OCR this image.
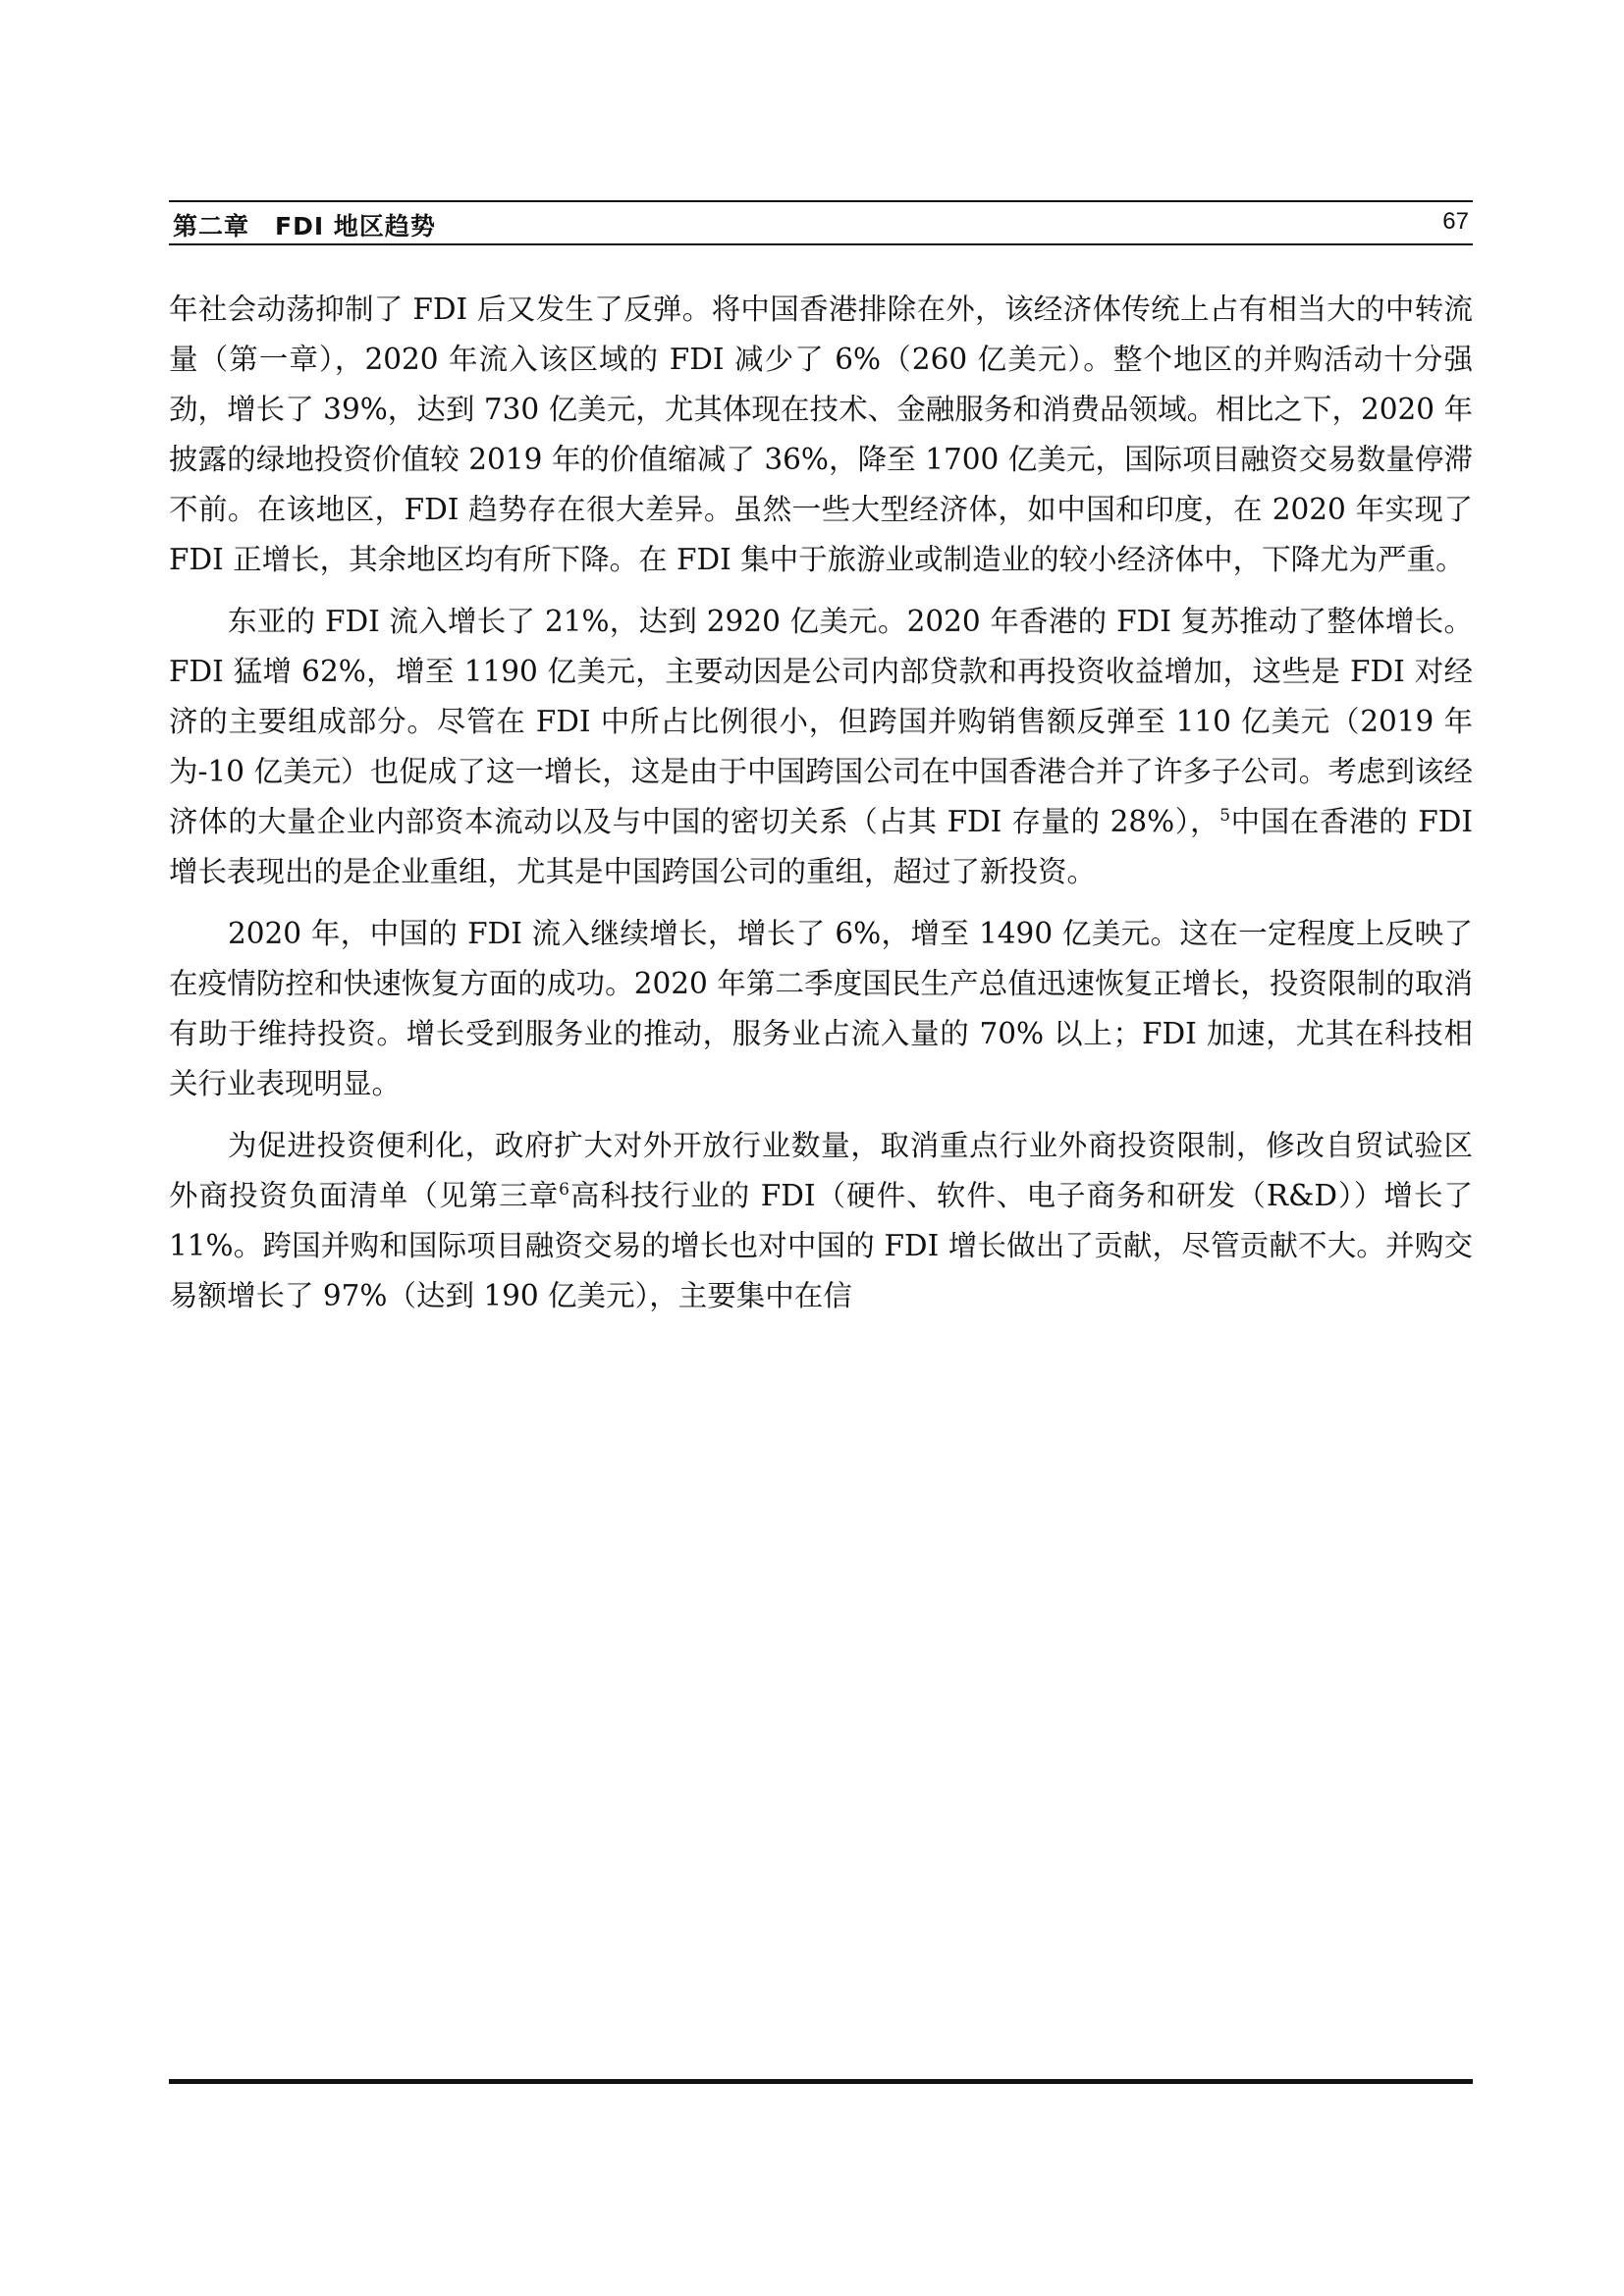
第二章　FDI 地区趋势	67

年社会动荡抑制了 FDI 后又发生了反弹。将中国香港排除在外，该经济体传统上占有相当大的中转流量（第一章），2020 年流入该区域的 FDI 减少了 6%（260 亿美元）。整个地区的并购活动十分强劲，增长了 39%，达到 730 亿美元，尤其体现在技术、金融服务和消费品领域。相比之下，2020 年披露的绿地投资价值较 2019 年的价值缩减了 36%，降至 1700 亿美元，国际项目融资交易数量停滞不前。在该地区，FDI 趋势存在很大差异。虽然一些大型经济体，如中国和印度，在 2020 年实现了 FDI 正增长，其余地区均有所下降。在 FDI 集中于旅游业或制造业的较小经济体中，下降尤为严重。

东亚的 FDI 流入增长了 21%，达到 2920 亿美元。2020 年香港的 FDI 复苏推动了整体增长。FDI 猛增 62%，增至 1190 亿美元，主要动因是公司内部贷款和再投资收益增加，这些是 FDI 对经济的主要组成部分。尽管在 FDI 中所占比例很小，但跨国并购销售额反弹至 110 亿美元（2019 年为-10 亿美元）也促成了这一增长，这是由于中国跨国公司在中国香港合并了许多子公司。考虑到该经济体的大量企业内部资本流动以及与中国的密切关系（占其 FDI 存量的 28%），$^5$中国在香港的 FDI 增长表现出的是企业重组，尤其是中国跨国公司的重组，超过了新投资。

2020 年，中国的 FDI 流入继续增长，增长了 6%，增至 1490 亿美元。这在一定程度上反映了在疫情防控和快速恢复方面的成功。2020 年第二季度国民生产总值迅速恢复正增长，投资限制的取消有助于维持投资。增长受到服务业的推动，服务业占流入量的 70% 以上；FDI 加速，尤其在科技相关行业表现明显。

为促进投资便利化，政府扩大对外开放行业数量，取消重点行业外商投资限制，修改自贸试验区外商投资负面清单（见第三章$^6$高科技行业的 FDI（硬件、软件、电子商务和研发（R&D））增长了 11%。跨国并购和国际项目融资交易的增长也对中国的 FDI 增长做出了贡献，尽管贡献不大。并购交易额增长了 97%（达到 190 亿美元），主要集中在信
